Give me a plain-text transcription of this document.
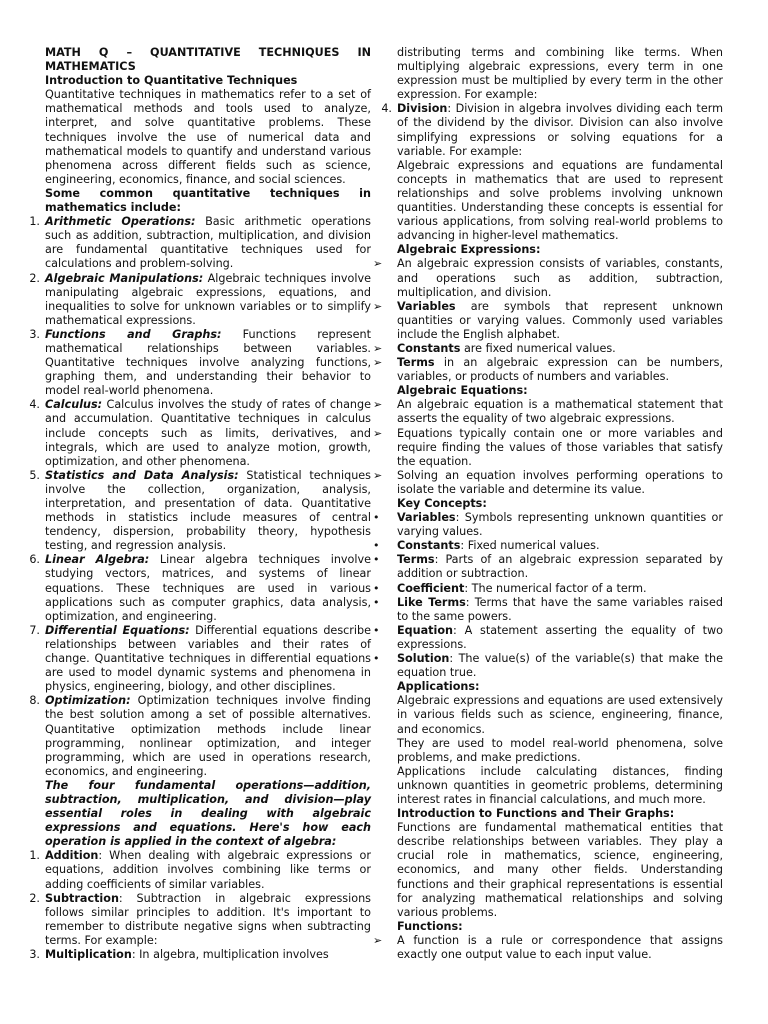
MATH Q – QUANTITATIVE TECHNIQUES IN MATHEMATICS

Introduction to Quantitative Techniques

Quantitative techniques in mathematics refer to a set of mathematical methods and tools used to analyze, interpret, and solve quantitative problems. These techniques involve the use of numerical data and mathematical models to quantify and understand various phenomena across different fields such as science, engineering, economics, finance, and social sciences.

Some common quantitative techniques in mathematics include:

1. Arithmetic Operations: Basic arithmetic operations such as addition, subtraction, multiplication, and division are fundamental quantitative techniques used for calculations and problem-solving.
2. Algebraic Manipulations: Algebraic techniques involve manipulating algebraic expressions, equations, and inequalities to solve for unknown variables or to simplify mathematical expressions.
3. Functions and Graphs: Functions represent mathematical relationships between variables. Quantitative techniques involve analyzing functions, graphing them, and understanding their behavior to model real-world phenomena.
4. Calculus: Calculus involves the study of rates of change and accumulation. Quantitative techniques in calculus include concepts such as limits, derivatives, and integrals, which are used to analyze motion, growth, optimization, and other phenomena.
5. Statistics and Data Analysis: Statistical techniques involve the collection, organization, analysis, interpretation, and presentation of data. Quantitative methods in statistics include measures of central tendency, dispersion, probability theory, hypothesis testing, and regression analysis.
6. Linear Algebra: Linear algebra techniques involve studying vectors, matrices, and systems of linear equations. These techniques are used in various applications such as computer graphics, data analysis, optimization, and engineering.
7. Differential Equations: Differential equations describe relationships between variables and their rates of change. Quantitative techniques in differential equations are used to model dynamic systems and phenomena in physics, engineering, biology, and other disciplines.
8. Optimization: Optimization techniques involve finding the best solution among a set of possible alternatives. Quantitative optimization methods include linear programming, nonlinear optimization, and integer programming, which are used in operations research, economics, and engineering.

The four fundamental operations—addition, subtraction, multiplication, and division—play essential roles in dealing with algebraic expressions and equations. Here's how each operation is applied in the context of algebra:

1. Addition: When dealing with algebraic expressions or equations, addition involves combining like terms or adding coefficients of similar variables.
2. Subtraction: Subtraction in algebraic expressions follows similar principles to addition. It's important to remember to distribute negative signs when subtracting terms. For example:
3. Multiplication: In algebra, multiplication involves

distributing terms and combining like terms. When multiplying algebraic expressions, every term in one expression must be multiplied by every term in the other expression. For example:

4. Division: Division in algebra involves dividing each term of the dividend by the divisor. Division can also involve simplifying expressions or solving equations for a variable. For example:

Algebraic expressions and equations are fundamental concepts in mathematics that are used to represent relationships and solve problems involving unknown quantities. Understanding these concepts is essential for various applications, from solving real-world problems to advancing in higher-level mathematics.

Algebraic Expressions:

➢	An algebraic expression consists of variables, constants, and operations such as addition, subtraction, multiplication, and division.
➢	Variables are symbols that represent unknown quantities or varying values. Commonly used variables include the English alphabet.
➢	Constants are fixed numerical values.
➢	Terms in an algebraic expression can be numbers, variables, or products of numbers and variables.

Algebraic Equations:

➢	An algebraic equation is a mathematical statement that asserts the equality of two algebraic expressions.
➢	Equations typically contain one or more variables and require finding the values of those variables that satisfy the equation.
➢	Solving an equation involves performing operations to isolate the variable and determine its value.

Key Concepts:

•	Variables: Symbols representing unknown quantities or varying values.
•	Constants: Fixed numerical values.
•	Terms: Parts of an algebraic expression separated by addition or subtraction.
•	Coefficient: The numerical factor of a term.
•	Like Terms: Terms that have the same variables raised to the same powers.
•	Equation: A statement asserting the equality of two expressions.
•	Solution: The value(s) of the variable(s) that make the equation true.

Applications:

Algebraic expressions and equations are used extensively in various fields such as science, engineering, finance, and economics.

They are used to model real-world phenomena, solve problems, and make predictions.

Applications include calculating distances, finding unknown quantities in geometric problems, determining interest rates in financial calculations, and much more.

Introduction to Functions and Their Graphs:

Functions are fundamental mathematical entities that describe relationships between variables. They play a crucial role in mathematics, science, engineering, economics, and many other fields. Understanding functions and their graphical representations is essential for analyzing mathematical relationships and solving various problems.

Functions:

➢	A function is a rule or correspondence that assigns exactly one output value to each input value.
